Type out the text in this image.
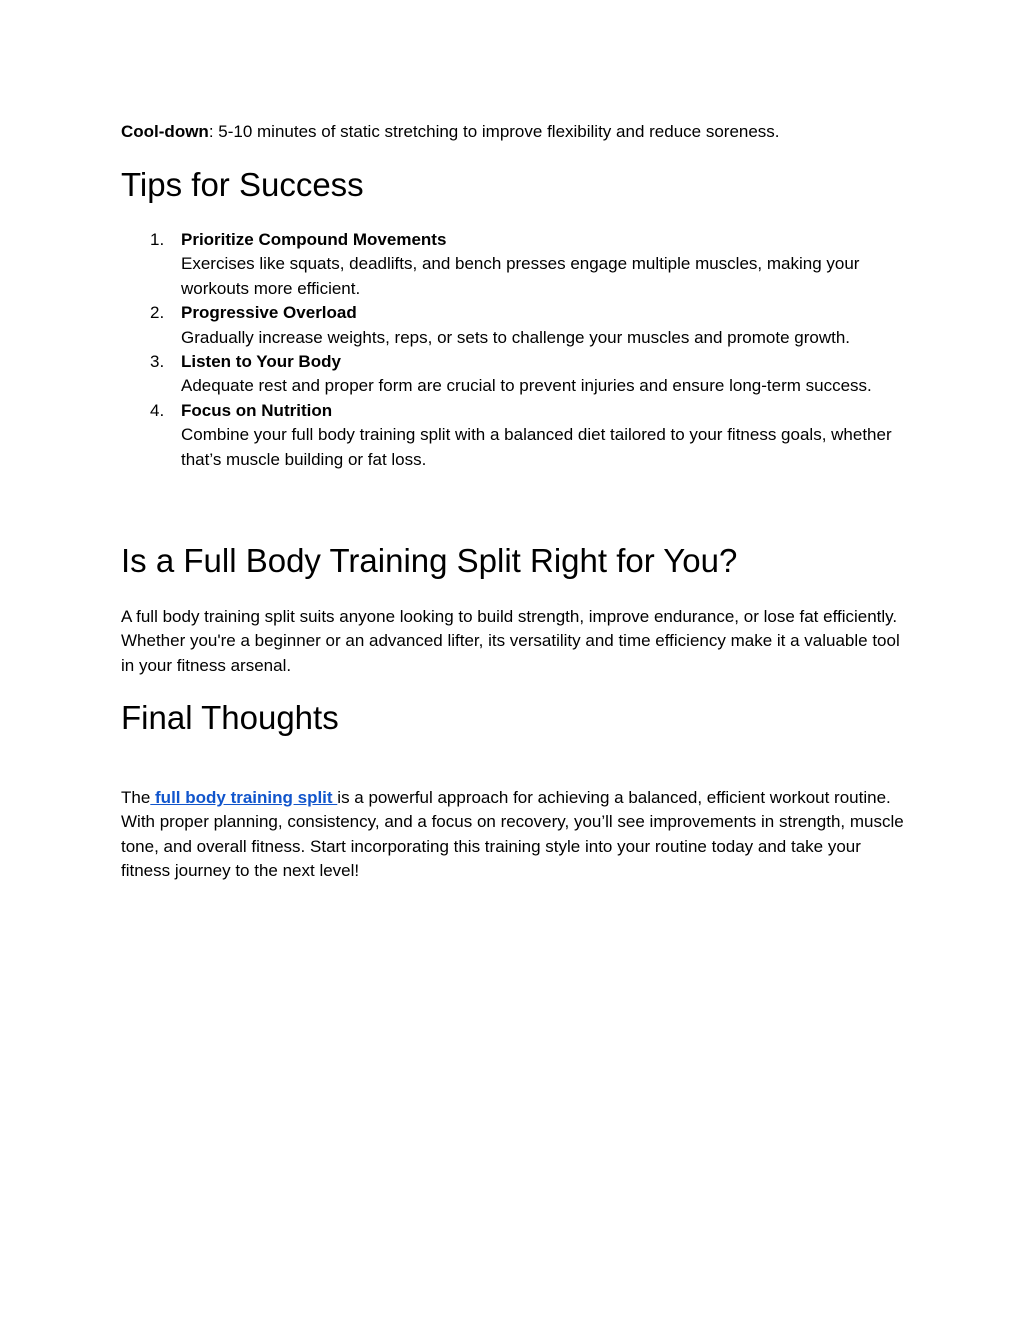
Cool-down: 5-10 minutes of static stretching to improve flexibility and reduce soreness.

Tips for Success
1. Prioritize Compound Movements
Exercises like squats, deadlifts, and bench presses engage multiple muscles, making your workouts more efficient.
2. Progressive Overload
Gradually increase weights, reps, or sets to challenge your muscles and promote growth.
3. Listen to Your Body
Adequate rest and proper form are crucial to prevent injuries and ensure long-term success.
4. Focus on Nutrition
Combine your full body training split with a balanced diet tailored to your fitness goals, whether that’s muscle building or fat loss.
Is a Full Body Training Split Right for You?

A full body training split suits anyone looking to build strength, improve endurance, or lose fat efficiently. Whether you're a beginner or an advanced lifter, its versatility and time efficiency make it a valuable tool in your fitness arsenal.

Final Thoughts

The full body training split is a powerful approach for achieving a balanced, efficient workout routine. With proper planning, consistency, and a focus on recovery, you’ll see improvements in strength, muscle tone, and overall fitness. Start incorporating this training style into your routine today and take your fitness journey to the next level!
